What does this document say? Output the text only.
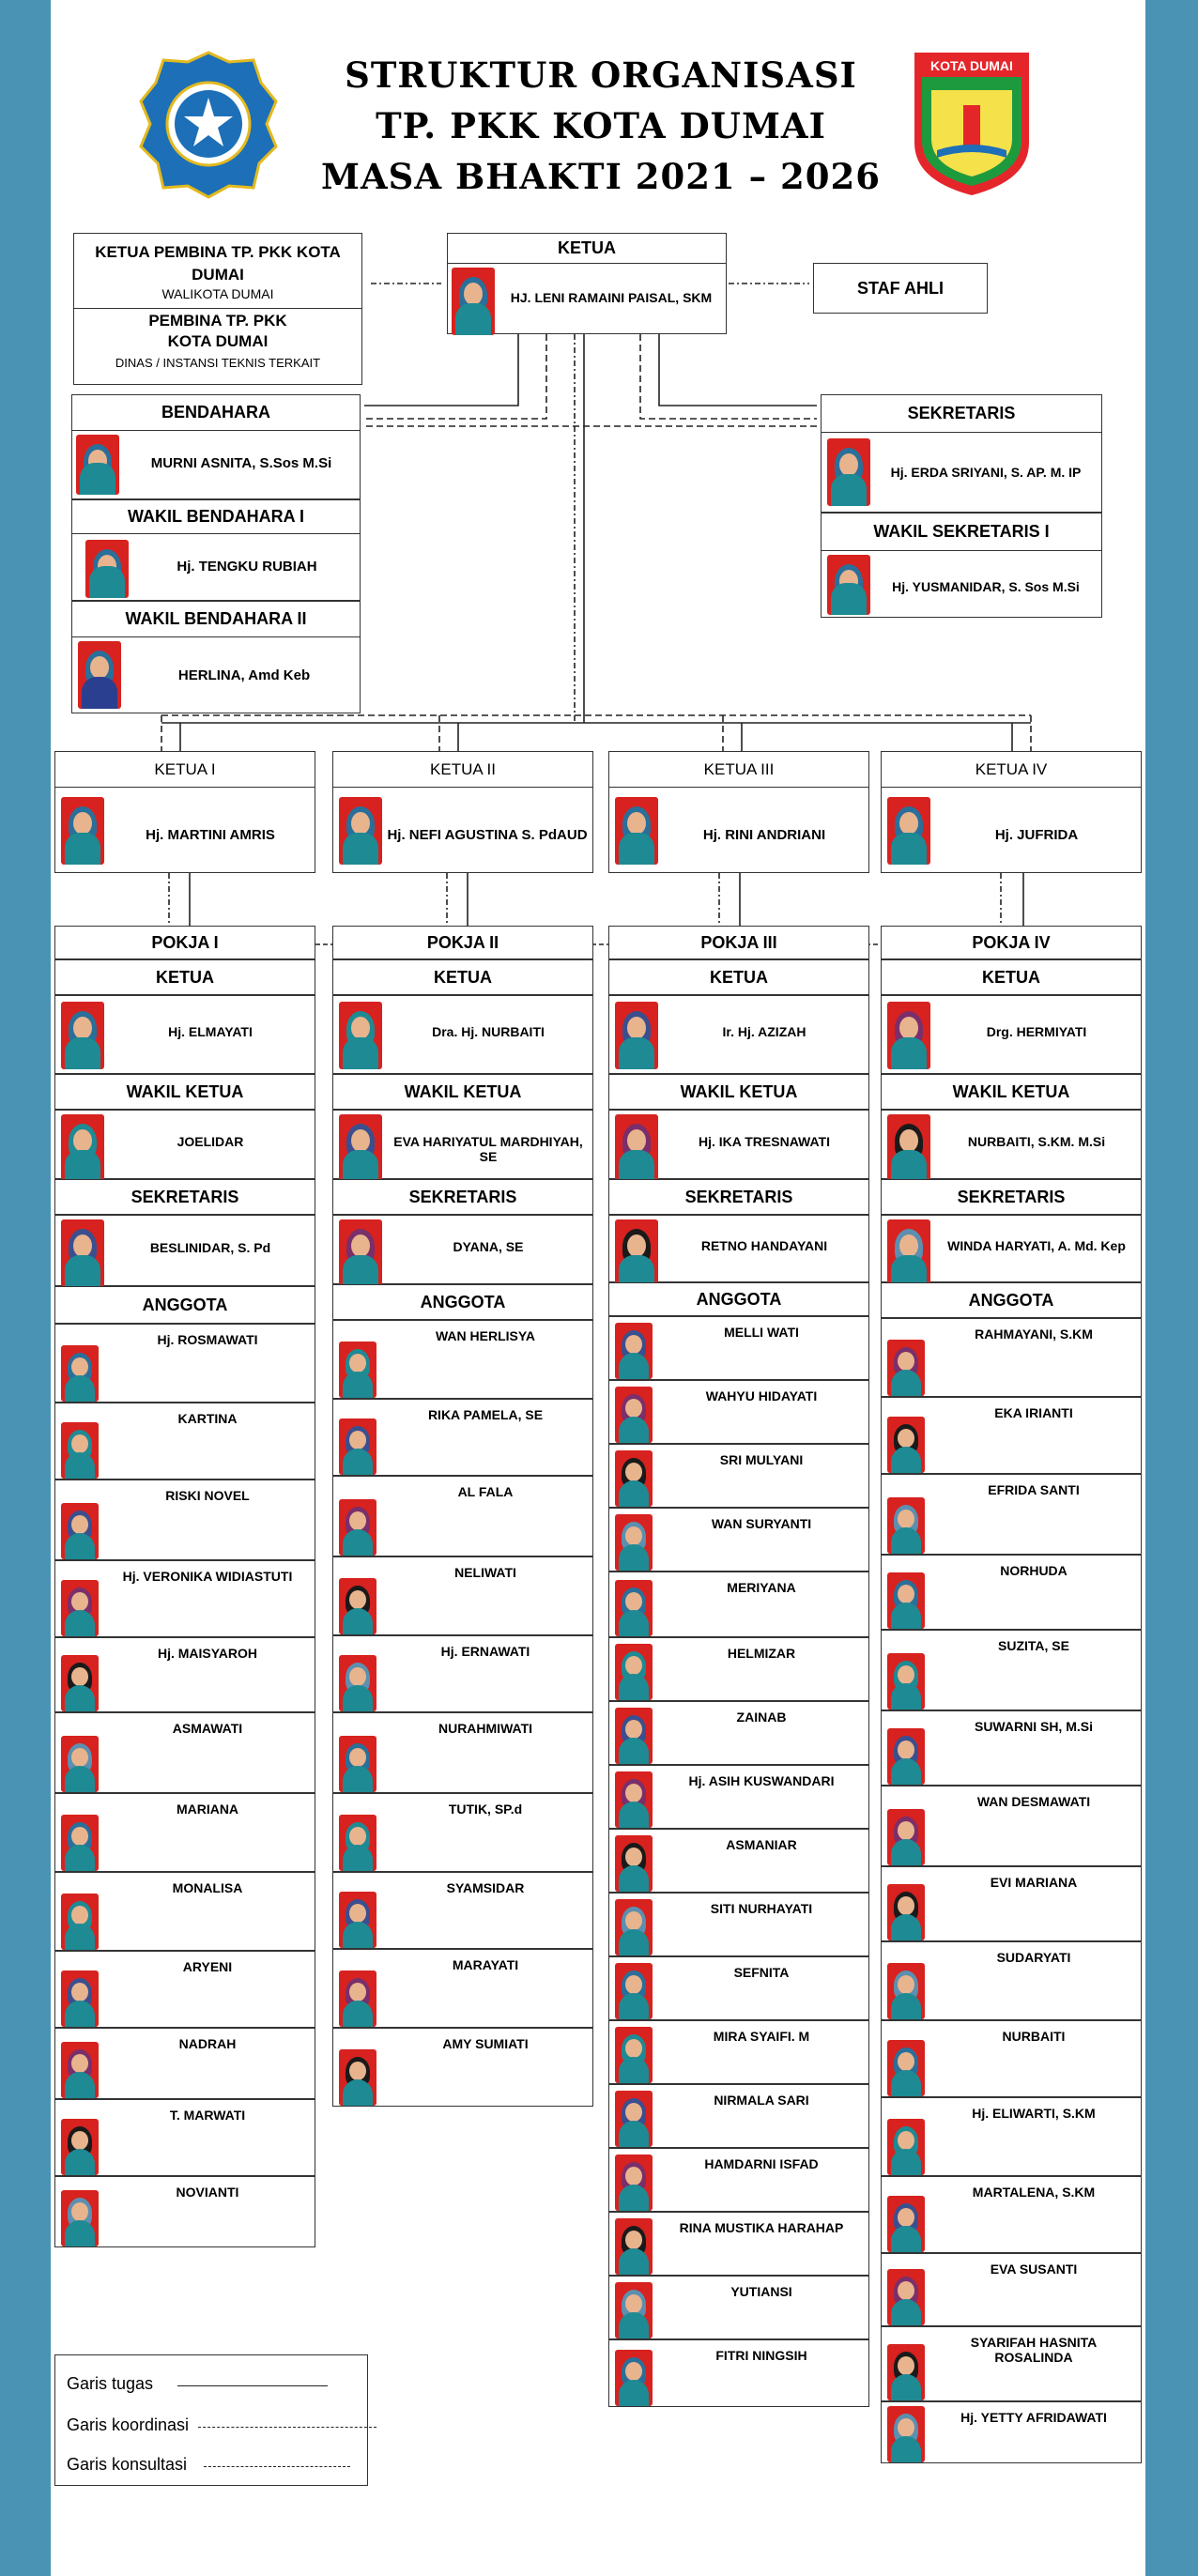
KOTA DUMAI
STRUKTUR ORGANISASI
TP. PKK KOTA DUMAI
MASA BHAKTI 2021 – 2026
KETUA PEMBINA TP. PKK KOTA DUMAI
WALIKOTA DUMAI
PEMBINA TP. PKK KOTA DUMAI
DINAS / INSTANSI TEKNIS TERKAIT
KETUA
HJ. LENI RAMAINI PAISAL, SKM
STAF AHLI
BENDAHARA
MURNI ASNITA, S.Sos M.Si
WAKIL BENDAHARA I
Hj. TENGKU RUBIAH
WAKIL BENDAHARA II
HERLINA, Amd Keb
SEKRETARIS
Hj. ERDA SRIYANI, S. AP. M. IP
WAKIL SEKRETARIS I
Hj. YUSMANIDAR, S. Sos M.Si
KETUA I
Hj. MARTINI AMRIS
KETUA II
Hj. NEFI AGUSTINA S. PdAUD
KETUA III
Hj. RINI ANDRIANI
KETUA IV
Hj. JUFRIDA
POKJA I
KETUA
Hj. ELMAYATI
WAKIL KETUA
JOELIDAR
SEKRETARIS
BESLINIDAR, S. Pd
ANGGOTA
Hj. ROSMAWATI
KARTINA
RISKI NOVEL
Hj. VERONIKA WIDIASTUTI
Hj. MAISYAROH
ASMAWATI
MARIANA
MONALISA
ARYENI
NADRAH
T. MARWATI
NOVIANTI
POKJA II
KETUA
Dra. Hj. NURBAITI
WAKIL KETUA
EVA HARIYATUL MARDHIYAH, SE
SEKRETARIS
DYANA, SE
ANGGOTA
WAN HERLISYA
RIKA PAMELA, SE
AL FALA
NELIWATI
Hj. ERNAWATI
NURAHMIWATI
TUTIK, SP.d
SYAMSIDAR
MARAYATI
AMY SUMIATI
POKJA III
KETUA
Ir. Hj. AZIZAH
WAKIL KETUA
Hj. IKA TRESNAWATI
SEKRETARIS
RETNO HANDAYANI
ANGGOTA
MELLI WATI
WAHYU HIDAYATI
SRI MULYANI
WAN SURYANTI
MERIYANA
HELMIZAR
ZAINAB
Hj. ASIH KUSWANDARI
ASMANIAR
SITI NURHAYATI
SEFNITA
MIRA SYAIFI. M
NIRMALA SARI
HAMDARNI ISFAD
RINA MUSTIKA HARAHAP
YUTIANSI
FITRI NINGSIH
POKJA IV
KETUA
Drg. HERMIYATI
WAKIL KETUA
NURBAITI, S.KM. M.Si
SEKRETARIS
WINDA HARYATI, A. Md. Kep
ANGGOTA
RAHMAYANI, S.KM
EKA IRIANTI
EFRIDA SANTI
NORHUDA
SUZITA, SE
SUWARNI SH, M.Si
WAN DESMAWATI
EVI MARIANA
SUDARYATI
NURBAITI
Hj. ELIWARTI, S.KM
MARTALENA, S.KM
EVA SUSANTI
SYARIFAH HASNITA ROSALINDA
Hj. YETTY AFRIDAWATI
Garis tugas
Garis koordinasi
Garis konsultasi
